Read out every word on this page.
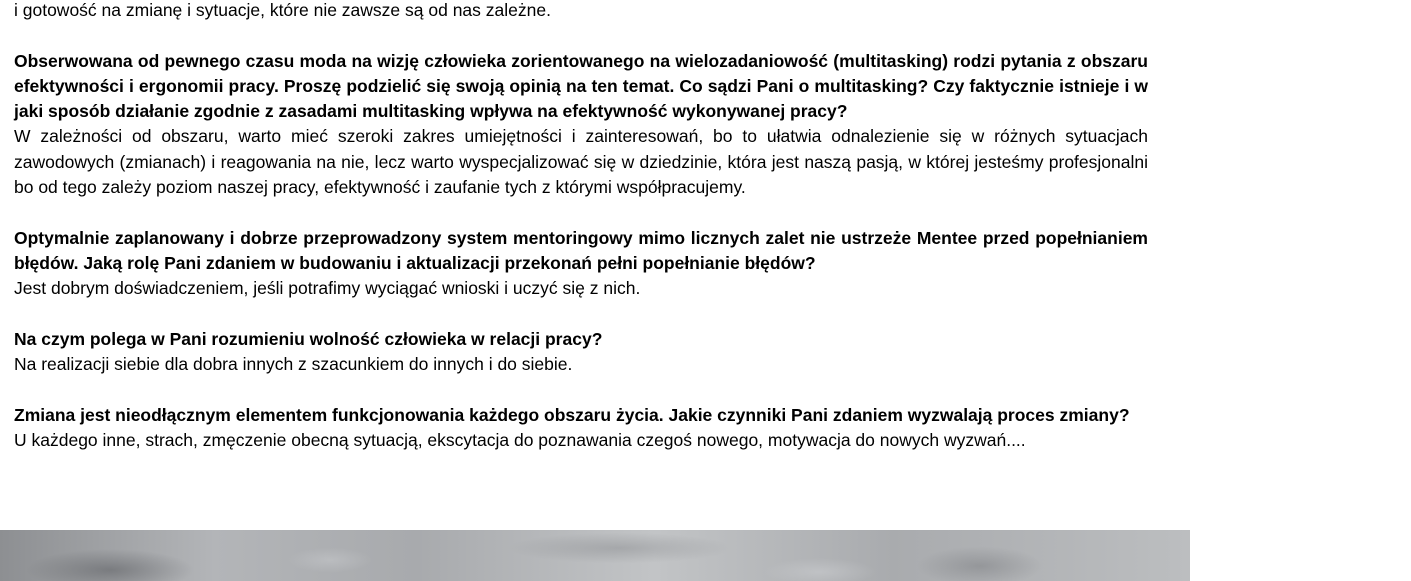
i gotowość na zmianę i sytuacje, które nie zawsze są od nas zależne.

Obserwowana od pewnego czasu moda na wizję człowieka zorientowanego na wielozadaniowość (multitasking) rodzi pytania z obszaru efektywności i ergonomii pracy. Proszę podzielić się swoją opinią na ten temat. Co sądzi Pani o multitasking? Czy faktycznie istnieje i w jaki sposób działanie zgodnie z zasadami multitasking wpływa na efektywność wykonywanej pracy?

W zależności od obszaru, warto mieć szeroki zakres umiejętności i zainteresowań, bo to ułatwia odnalezienie się w różnych sytuacjach zawodowych (zmianach) i reagowania na nie, lecz warto wyspecjalizować się w dziedzinie, która jest naszą pasją, w której jesteśmy profesjonalni bo od tego zależy poziom naszej pracy, efektywność i zaufanie tych z którymi współpracujemy.

Optymalnie zaplanowany i dobrze przeprowadzony system mentoringowy mimo licznych zalet nie ustrzeże Mentee przed popełnianiem błędów. Jaką rolę Pani zdaniem w budowaniu i aktualizacji przekonań pełni popełnianie błędów?

Jest dobrym doświadczeniem, jeśli potrafimy wyciągać wnioski i uczyć się z nich.

Na czym polega w Pani rozumieniu wolność człowieka w relacji pracy?

Na realizacji siebie dla dobra innych z szacunkiem do innych i do siebie.

Zmiana jest nieodłącznym elementem funkcjonowania każdego obszaru życia. Jakie czynniki Pani zdaniem wyzwalają proces zmiany?

U każdego inne, strach, zmęczenie obecną sytuacją, ekscytacja do poznawania czegoś nowego, motywacja do nowych wyzwań....
